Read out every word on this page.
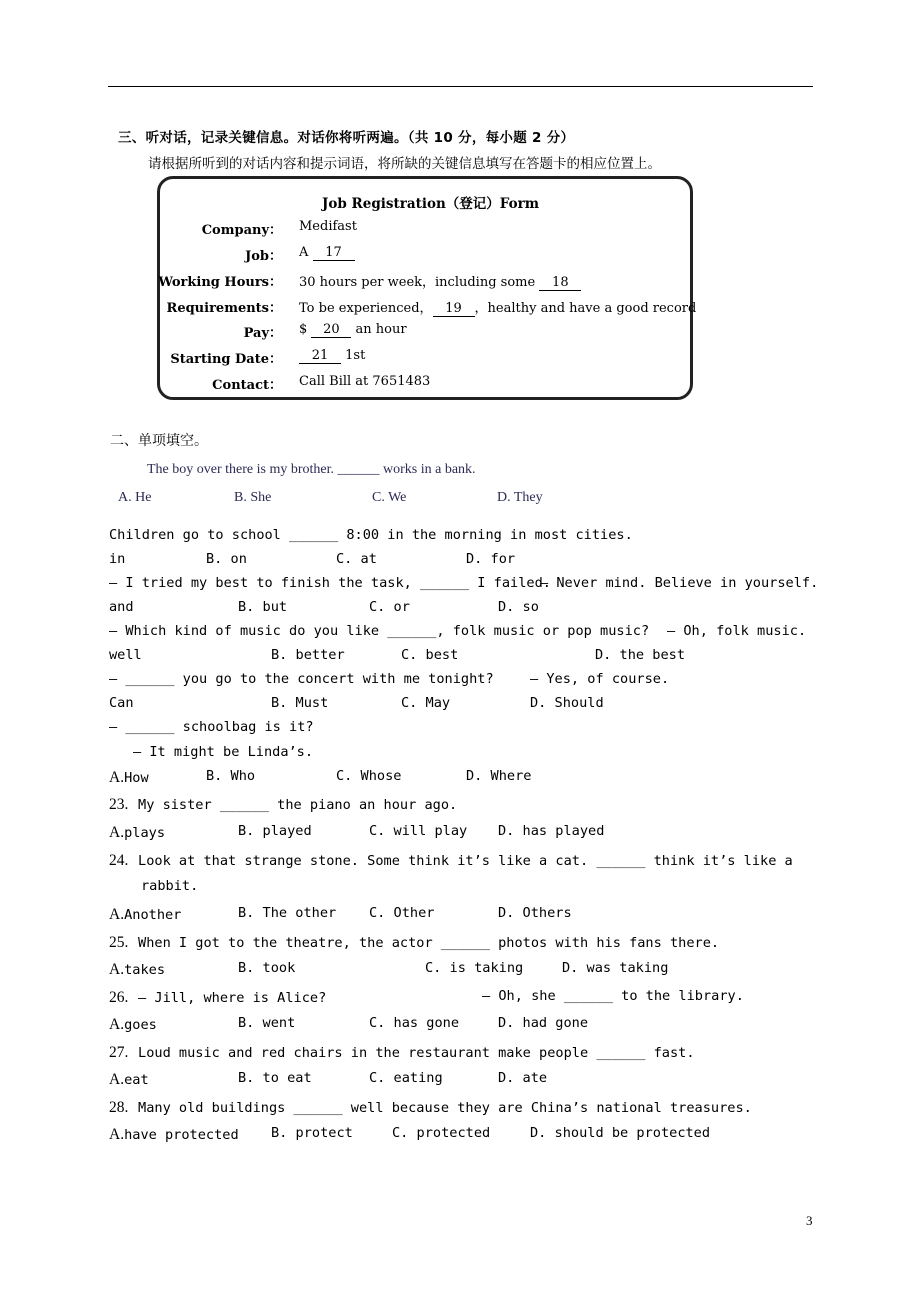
三、听对话，记录关键信息。对话你将听两遍。（共 10 分，每小题 2 分）
请根据所听到的对话内容和提示词语，将所缺的关键信息填写在答题卡的相应位置上。
Job Registration（登记）Form
Company： Medifast
Job： A 17
Working Hours： 30 hours per week，including some 18
Requirements： To be experienced， 19 ，healthy and have a good record
Pay： $ 20 an hour
Starting Date：	21 1st
Contact： Call Bill at 7651483
二、单项填空。
The boy over there is my brother. ______ works in a bank.
A. He	B. She	C. We	D. They
Children go to school ______ 8:00 in the morning in most cities.
in	B. on	C. at	D. for
— I tried my best to finish the task, ______ I failed.
— Never mind. Believe in yourself.
and	B. but	C. or	D. so
— Which kind of music do you like ______, folk music or pop music? — Oh, folk music.
well	B. better	C. best	D. the best
— ______ you go to the concert with me tonight?	— Yes, of course.
Can	B. Must	C. May	D. Should
— ______ schoolbag is it?
— It might be Linda’s.
A.How	B. Who	C. Whose	D. Where
23. My sister ______ the piano an hour ago.
A.plays	B. played	C. will play D. has played
24. Look at that strange stone. Some think it’s like a cat. ______ think it’s like a
rabbit.
A.Another	B. The other C. Other	D. Others
25. When I got to the theatre, the actor ______ photos with his fans there.
A.takes	B. took	C. is taking	D. was taking
26. — Jill, where is Alice?	— Oh, she ______ to the library.
A.goes	B. went	C. has gone	D. had gone
27. Loud music and red chairs in the restaurant make people ______ fast.
A.eat	B. to eat	C. eating	D. ate
28. Many old buildings ______ well because they are China’s national treasures.
A.have protected B. protect	C. protected	D. should be protected
3
